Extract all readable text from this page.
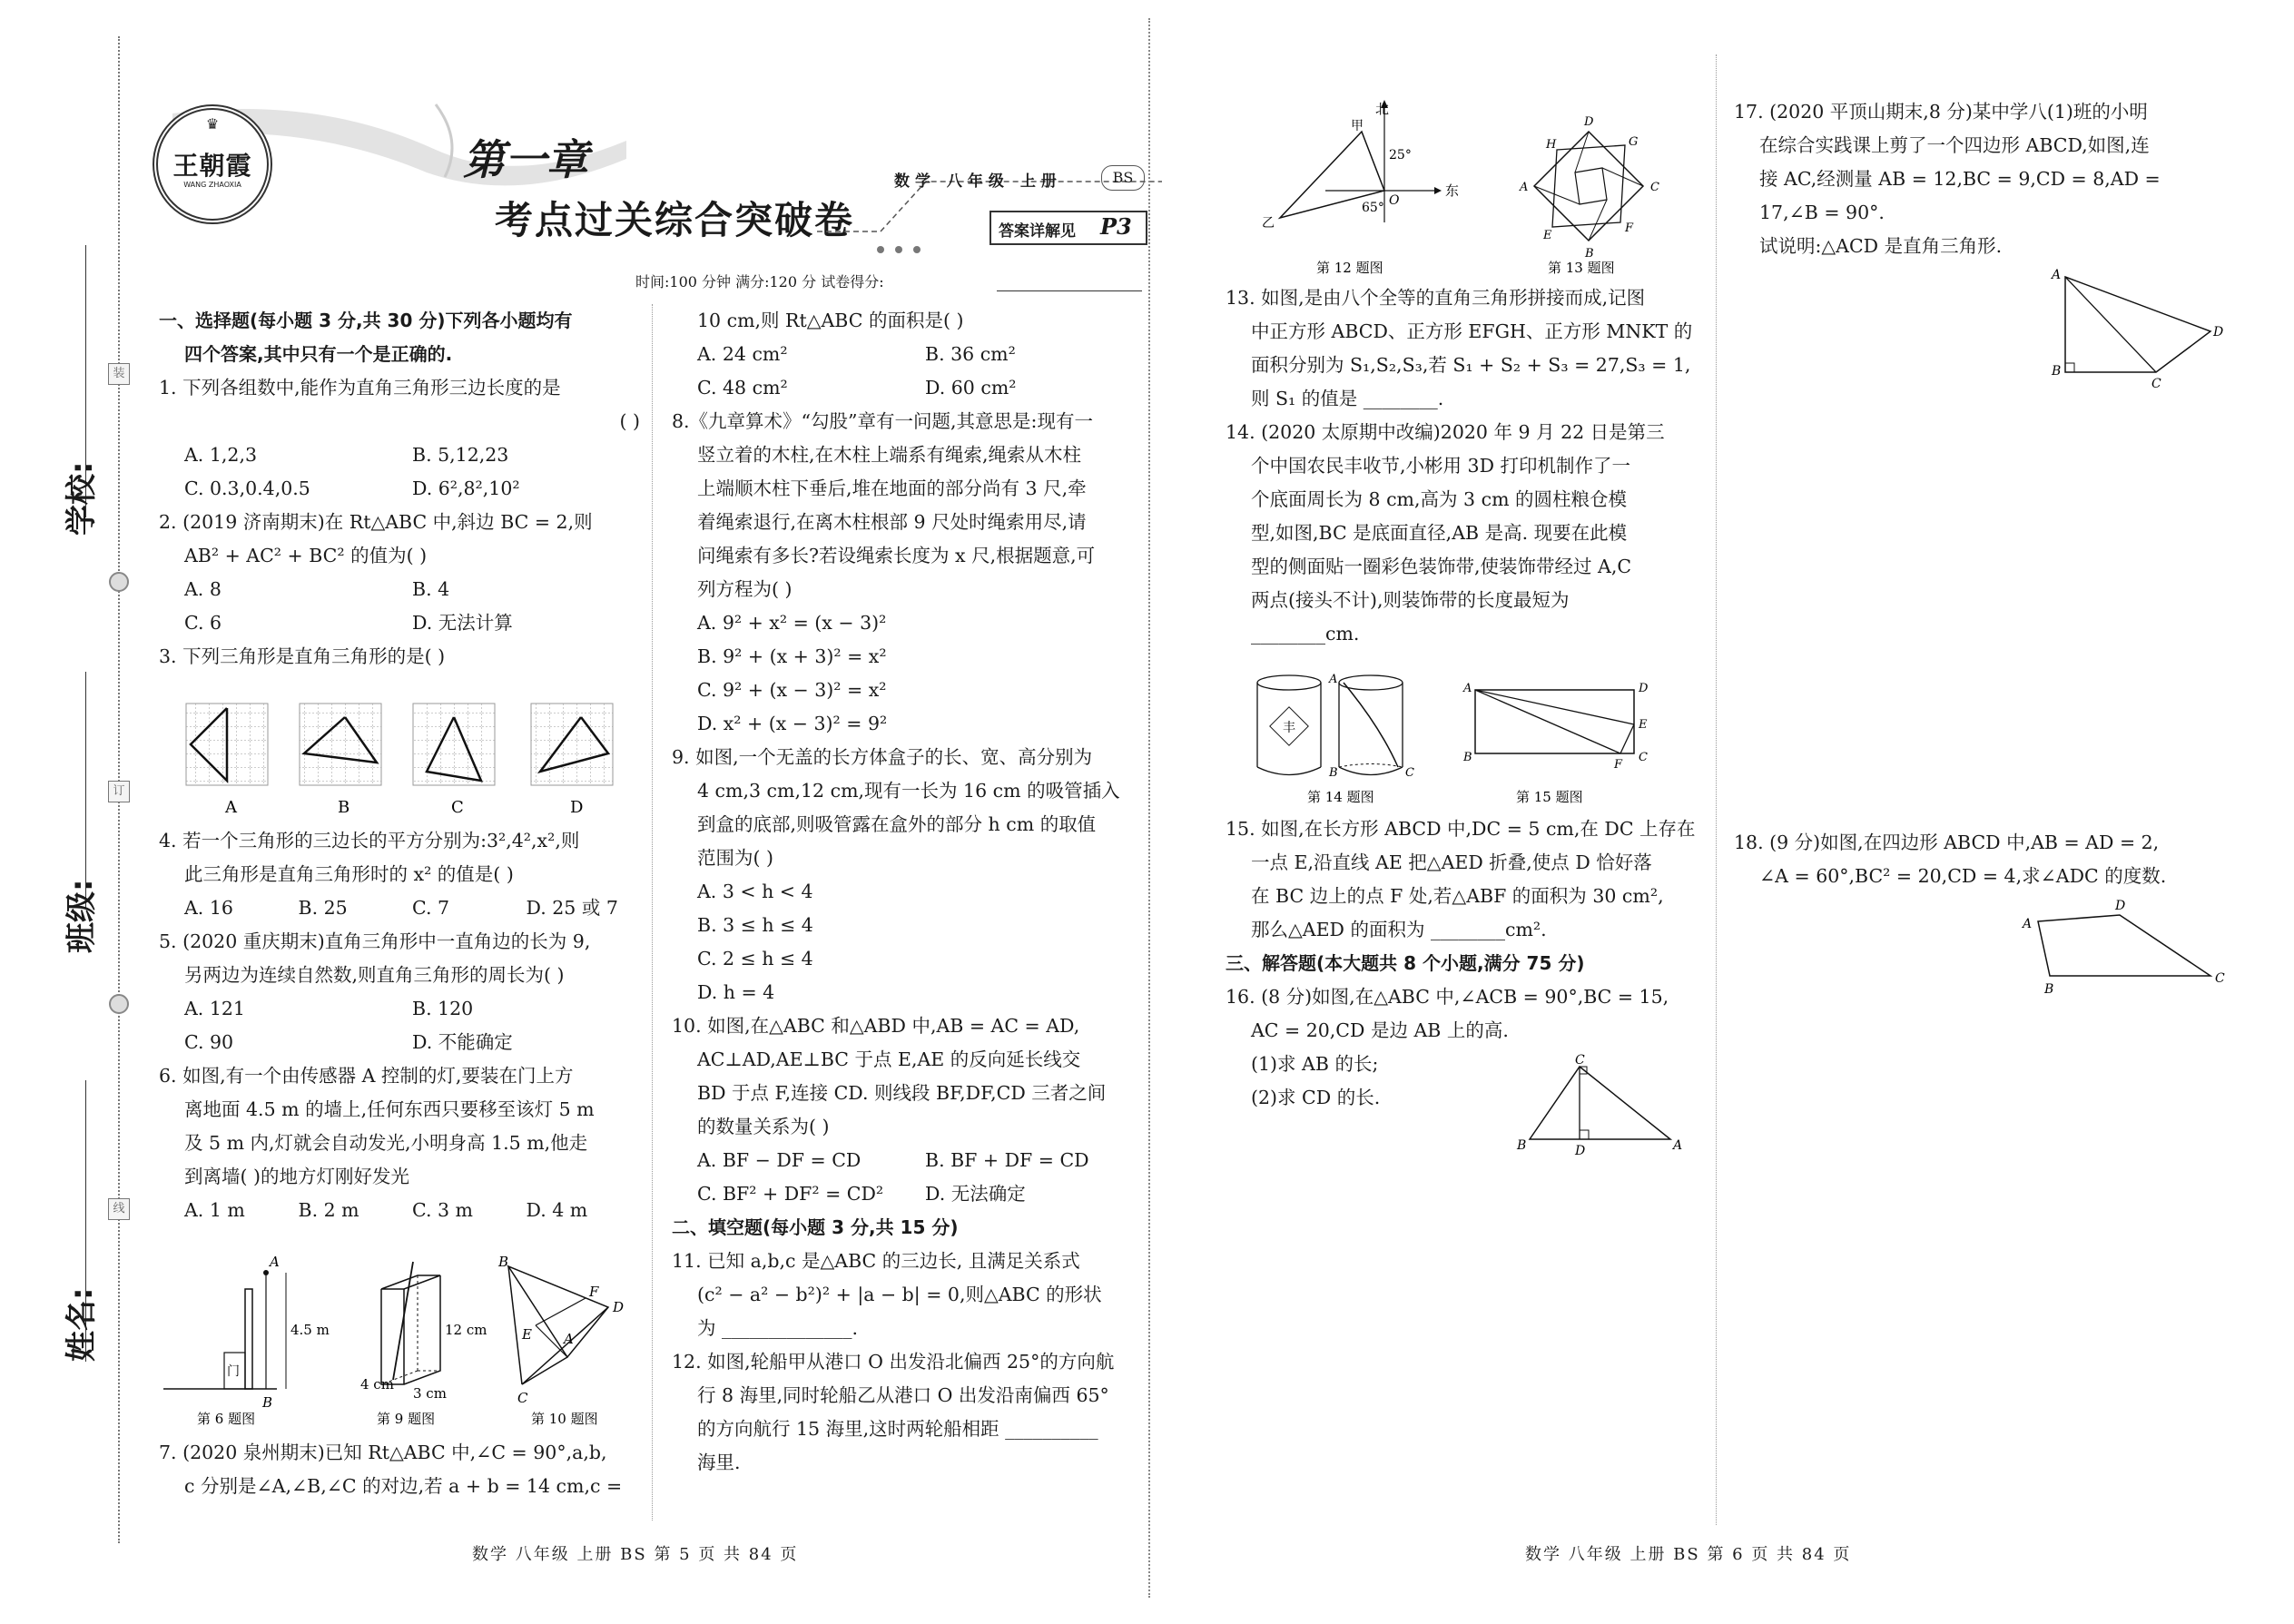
学校:
班级:
姓名:
装
订
线
♛
王朝霞
WANG ZHAOXIA
第一章
考点过关综合突破卷
数学 八年级 上册	BS
答案详解见 P3
时间:100 分钟 满分:120 分 试卷得分:

一、选择题(每小题 3 分,共 30 分)下列各小题均有

四个答案,其中只有一个是正确的.

1. 下列各组数中,能作为直角三角形三边长度的是

( )

A. 1,2,3	B. 5,12,23
C. 0.3,0.4,0.5	D. 6²,8²,10²

2. (2019 济南期末)在 Rt△ABC 中,斜边 BC = 2,则

AB² + AC² + BC² 的值为( )

A. 8	B. 4
C. 6	D. 无法计算

3. 下列三角形是直角三角形的是( )

A	B	C	D

4. 若一个三角形的三边长的平方分别为:3²,4²,x²,则

此三角形是直角三角形时的 x² 的值是( )

A. 16	B. 25	C. 7	D. 25 或 7

5. (2020 重庆期末)直角三角形中一直角边的长为 9,

另两边为连续自然数,则直角三角形的周长为( )

A. 121	B. 120
C. 90	D. 不能确定

6. 如图,有一个由传感器 A 控制的灯,要装在门上方

离地面 4.5 m 的墙上,任何东西只要移至该灯 5 m

及 5 m 内,灯就会自动发光,小明身高 1.5 m,他走

到离墙( )的地方灯刚好发光

A. 1 m	B. 2 m	C. 3 m	D. 4 m
A
B
4.5 m
门
12 cm
4 cm
3 cm
B
F
D
E A
C
第 6 题图	第 9 题图	第 10 题图

7. (2020 泉州期末)已知 Rt△ABC 中,∠C = 90°,a,b,

c 分别是∠A,∠B,∠C 的对边,若 a + b = 14 cm,c =

10 cm,则 Rt△ABC 的面积是( )

A. 24 cm²	B. 36 cm²
C. 48 cm²	D. 60 cm²

8.《九章算术》“勾股”章有一问题,其意思是:现有一

竖立着的木柱,在木柱上端系有绳索,绳索从木柱

上端顺木柱下垂后,堆在地面的部分尚有 3 尺,牵

着绳索退行,在离木柱根部 9 尺处时绳索用尽,请

问绳索有多长?若设绳索长度为 x 尺,根据题意,可

列方程为( )

A. 9² + x² = (x − 3)²

B. 9² + (x + 3)² = x²

C. 9² + (x − 3)² = x²

D. x² + (x − 3)² = 9²

9. 如图,一个无盖的长方体盒子的长、宽、高分别为

4 cm,3 cm,12 cm,现有一长为 16 cm 的吸管插入

到盒的底部,则吸管露在盒外的部分 h cm 的取值

范围为( )

A. 3 < h < 4

B. 3 ≤ h ≤ 4

C. 2 ≤ h ≤ 4

D. h = 4

10. 如图,在△ABC 和△ABD 中,AB = AC = AD,

AC⊥AD,AE⊥BC 于点 E,AE 的反向延长线交

BD 于点 F,连接 CD. 则线段 BF,DF,CD 三者之间

的数量关系为( )

A. BF − DF = CD	B. BF + DF = CD
C. BF² + DF² = CD²	D. 无法确定

二、填空题(每小题 3 分,共 15 分)

11. 已知 a,b,c 是△ABC 的三边长, 且满足关系式

(c² − a² − b²)² + |a − b| = 0,则△ABC 的形状

为 ______________.

12. 如图,轮船甲从港口 O 出发沿北偏西 25°的方向航

行 8 海里,同时轮船乙从港口 O 出发沿南偏西 65°

的方向航行 15 海里,这时两轮船相距 __________

海里.

北
东
甲
乙
25°
65° O
D
C
B
A
H	G
F
E
第 12 题图	第 13 题图

13. 如图,是由八个全等的直角三角形拼接而成,记图

中正方形 ABCD、正方形 EFGH、正方形 MNKT 的

面积分别为 S₁,S₂,S₃,若 S₁ + S₂ + S₃ = 27,S₃ = 1,

则 S₁ 的值是 ________.

14. (2020 太原期中改编)2020 年 9 月 22 日是第三

个中国农民丰收节,小彬用 3D 打印机制作了一

个底面周长为 8 cm,高为 3 cm 的圆柱粮仓模

型,如图,BC 是底面直径,AB 是高. 现要在此模

型的侧面贴一圈彩色装饰带,使装饰带经过 A,C

两点(接头不计),则装饰带的长度最短为

________cm.

丰
A
B	C
A	D
E
C
F
B
第 14 题图	第 15 题图

15. 如图,在长方形 ABCD 中,DC = 5 cm,在 DC 上存在

一点 E,沿直线 AE 把△AED 折叠,使点 D 恰好落

在 BC 边上的点 F 处,若△ABF 的面积为 30 cm²,

那么△AED 的面积为 ________cm².

三、解答题(本大题共 8 个小题,满分 75 分)

16. (8 分)如图,在△ABC 中,∠ACB = 90°,BC = 15,

AC = 20,CD 是边 AB 上的高.

(1)求 AB 的长;

(2)求 CD 的长.

C
B	D	A

17. (2020 平顶山期末,8 分)某中学八(1)班的小明

在综合实践课上剪了一个四边形 ABCD,如图,连

接 AC,经测量 AB = 12,BC = 9,CD = 8,AD =

17,∠B = 90°.

试说明:△ACD 是直角三角形.

A
B
C
D

18. (9 分)如图,在四边形 ABCD 中,AB = AD = 2,

∠A = 60°,BC² = 20,CD = 4,求∠ADC 的度数.

A
D
C
B
数学 八年级 上册 BS 第 5 页 共 84 页	数学 八年级 上册 BS 第 6 页 共 84 页
